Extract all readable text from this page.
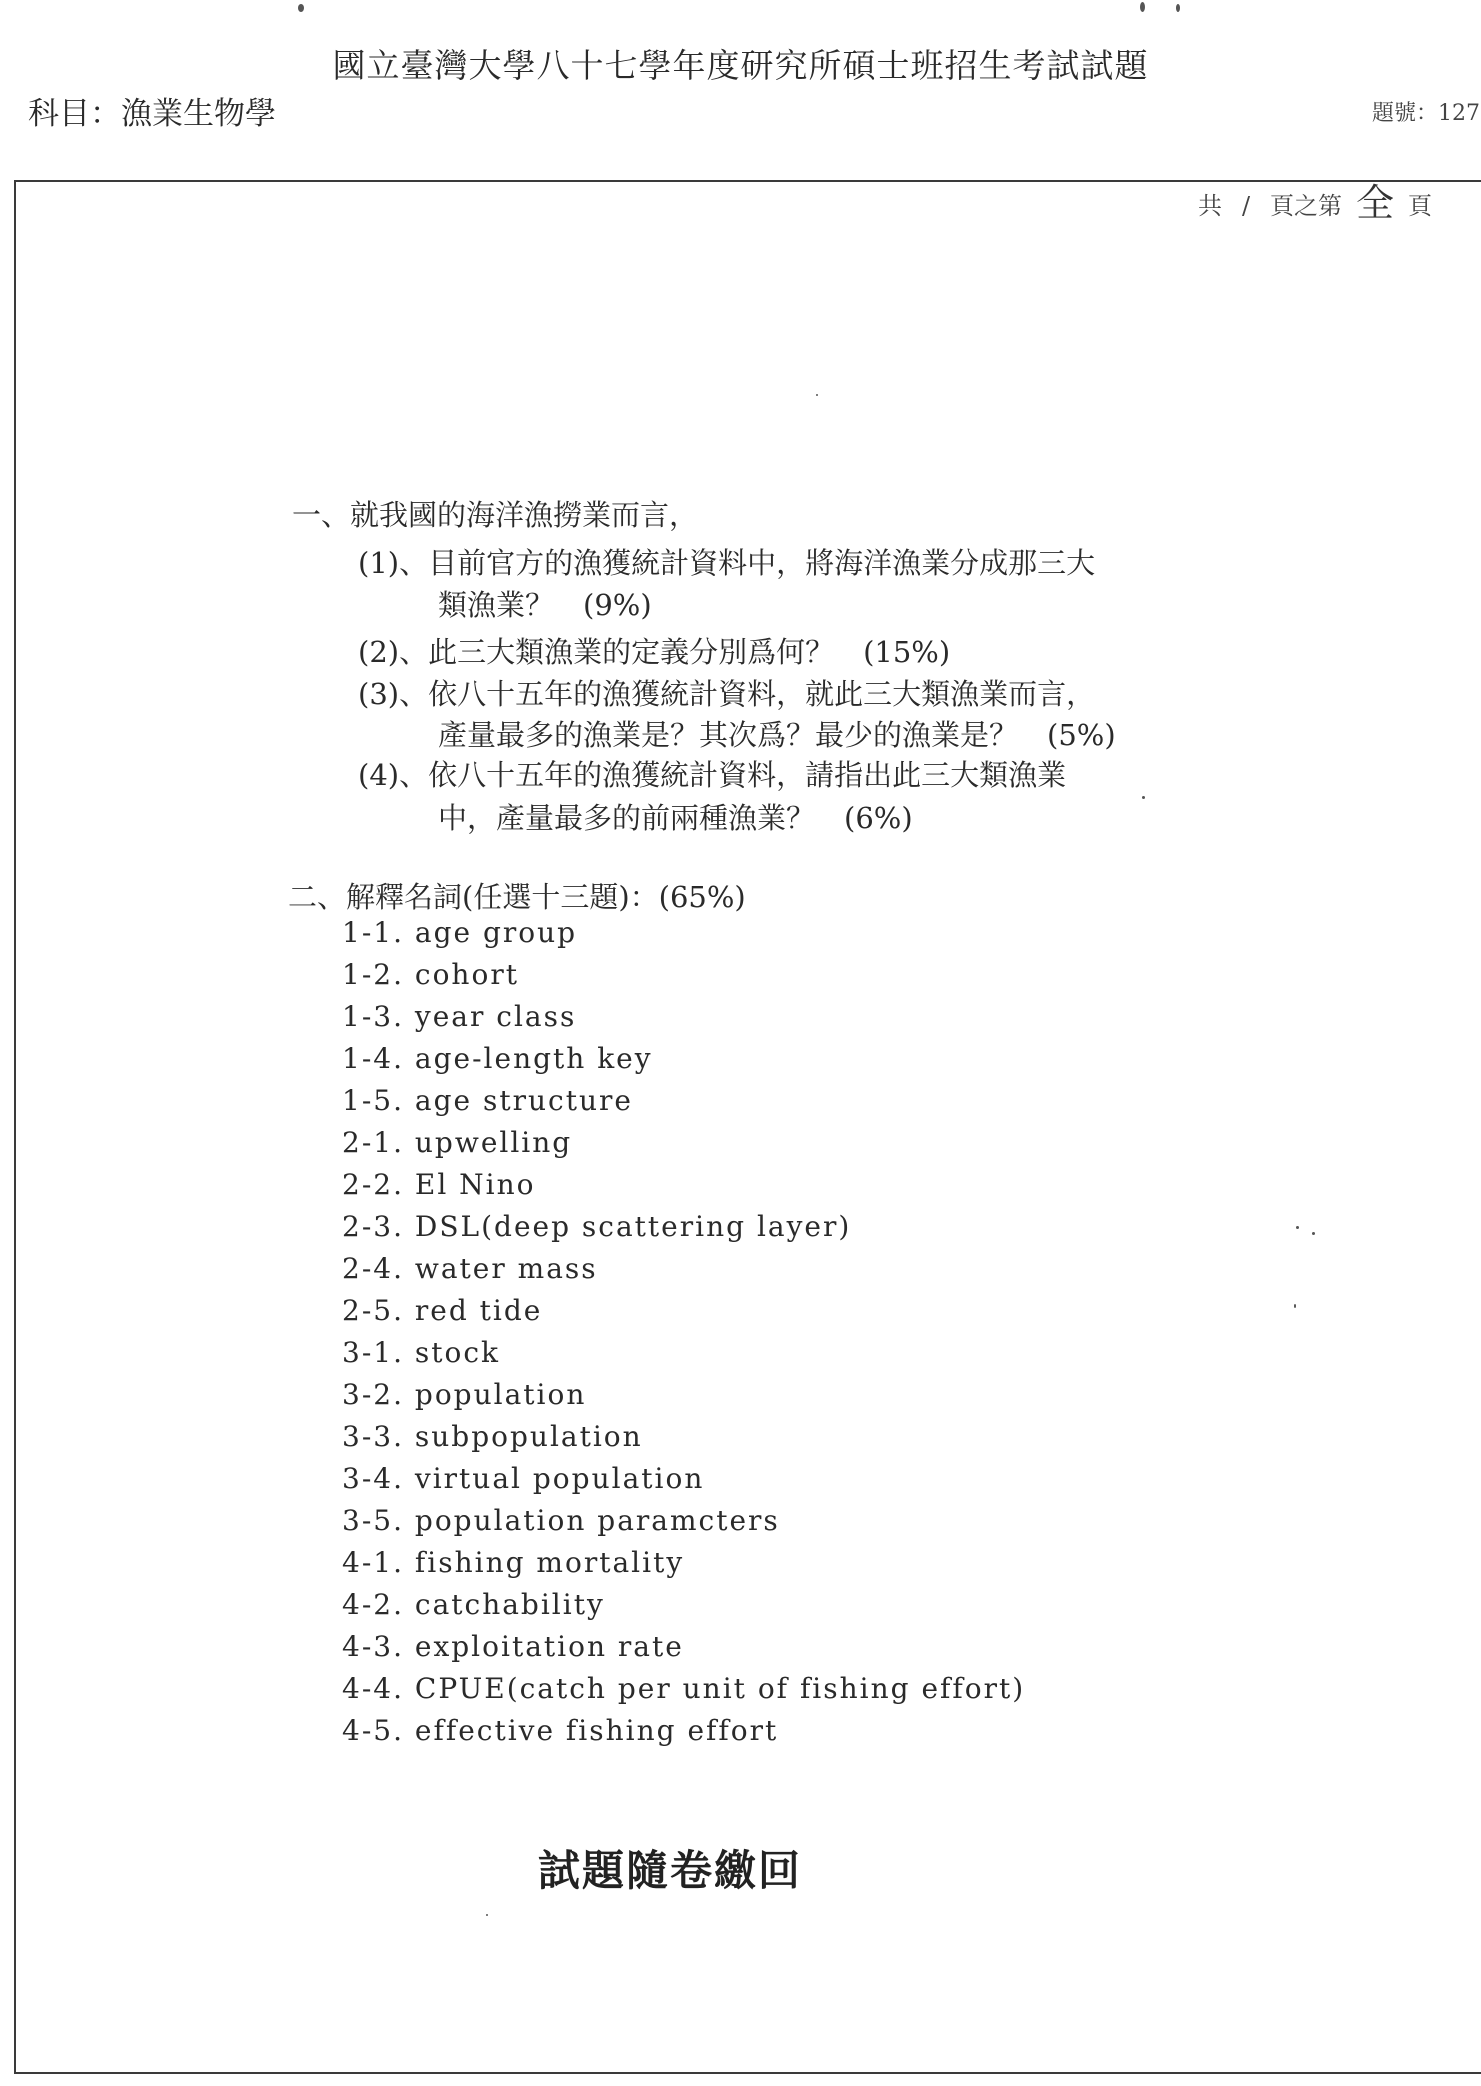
國立臺灣大學八十七學年度研究所碩士班招生考試試題
科目：漁業生物學	題號：127
共 / 頁之第 全 頁
一、就我國的海洋漁撈業而言，
(1)、目前官方的漁獲統計資料中，將海洋漁業分成那三大
類漁業？　(9%)
(2)、此三大類漁業的定義分別爲何？　(15%)
(3)、依八十五年的漁獲統計資料，就此三大類漁業而言，
產量最多的漁業是？其次爲？最少的漁業是？　(5%)
(4)、依八十五年的漁獲統計資料，請指出此三大類漁業
中，產量最多的前兩種漁業？　(6%)
二、解釋名詞(任選十三題)：(65%)
1-1. age group
1-2. cohort
1-3. year class
1-4. age-length key
1-5. age structure
2-1. upwelling
2-2. El Nino
2-3. DSL(deep scattering layer)
2-4. water mass
2-5. red tide
3-1. stock
3-2. population
3-3. subpopulation
3-4. virtual population
3-5. population paramcters
4-1. fishing mortality
4-2. catchability
4-3. exploitation rate
4-4. CPUE(catch per unit of fishing effort)
4-5. effective fishing effort
試題隨卷繳回
